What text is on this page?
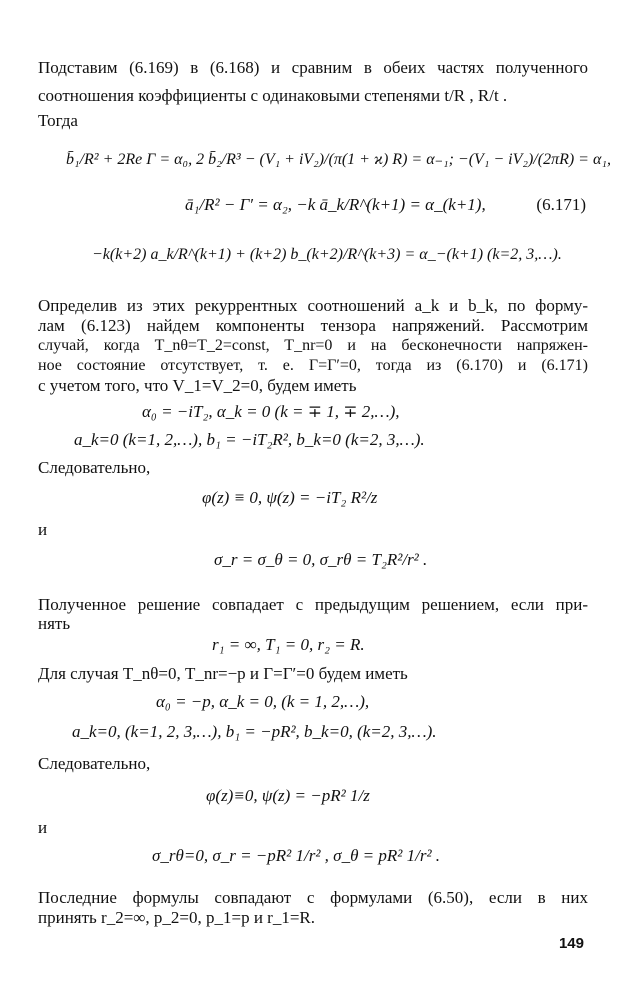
Подставим (6.169) в (6.168) и сравним в обеих частях полученного
соотношения коэффициенты с одинаковыми степенями t/R , R/t .
Тогда
b̄₁/R² + 2Re Γ = α₀, 2 b̄₂/R³ − (V₁ + iV₂)/(π(1 + ϰ) R) = α₋₁; −(V₁ − iV₂)/(2πR) = α₁,
ā₁/R² − Γ′ = α₂, −k ā_k/R^(k+1) = α_(k+1),	(6.171)
−k(k+2) a_k/R^(k+1) + (k+2) b_(k+2)/R^(k+3) = α_−(k+1) (k=2, 3,…).
Определив из этих рекуррентных соотношений a_k и b_k, по форму-
лам (6.123) найдем компоненты тензора напряжений. Рассмотрим
случай, когда T_nθ=T_2=const, T_nr=0 и на бесконечности напряжен-
ное состояние отсутствует, т. е. Γ=Γ′=0, тогда из (6.170) и (6.171)
с учетом того, что V_1=V_2=0, будем иметь
α₀ = −iT₂, α_k = 0 (k = ∓ 1, ∓ 2,…),
a_k=0 (k=1, 2,…), b₁ = −iT₂R², b_k=0 (k=2, 3,…).
Следовательно,
φ(z) ≡ 0, ψ(z) = −iT₂ R²/z
и
σ_r = σ_θ = 0, σ_rθ = T₂R²/r² .
Полученное решение совпадает с предыдущим решением, если при-
нять
r₁ = ∞, T₁ = 0, r₂ = R.
Для случая T_nθ=0, T_nr=−p и Γ=Γ′=0 будем иметь
α₀ = −p, α_k = 0, (k = 1, 2,…),
a_k=0, (k=1, 2, 3,…), b₁ = −pR², b_k=0, (k=2, 3,…).
Следовательно,
φ(z)≡0, ψ(z) = −pR² 1/z
и
σ_rθ=0, σ_r = −pR² 1/r² , σ_θ = pR² 1/r² .
Последние формулы совпадают с формулами (6.50), если в них
принять r_2=∞, p_2=0, p_1=p и r_1=R.
149
